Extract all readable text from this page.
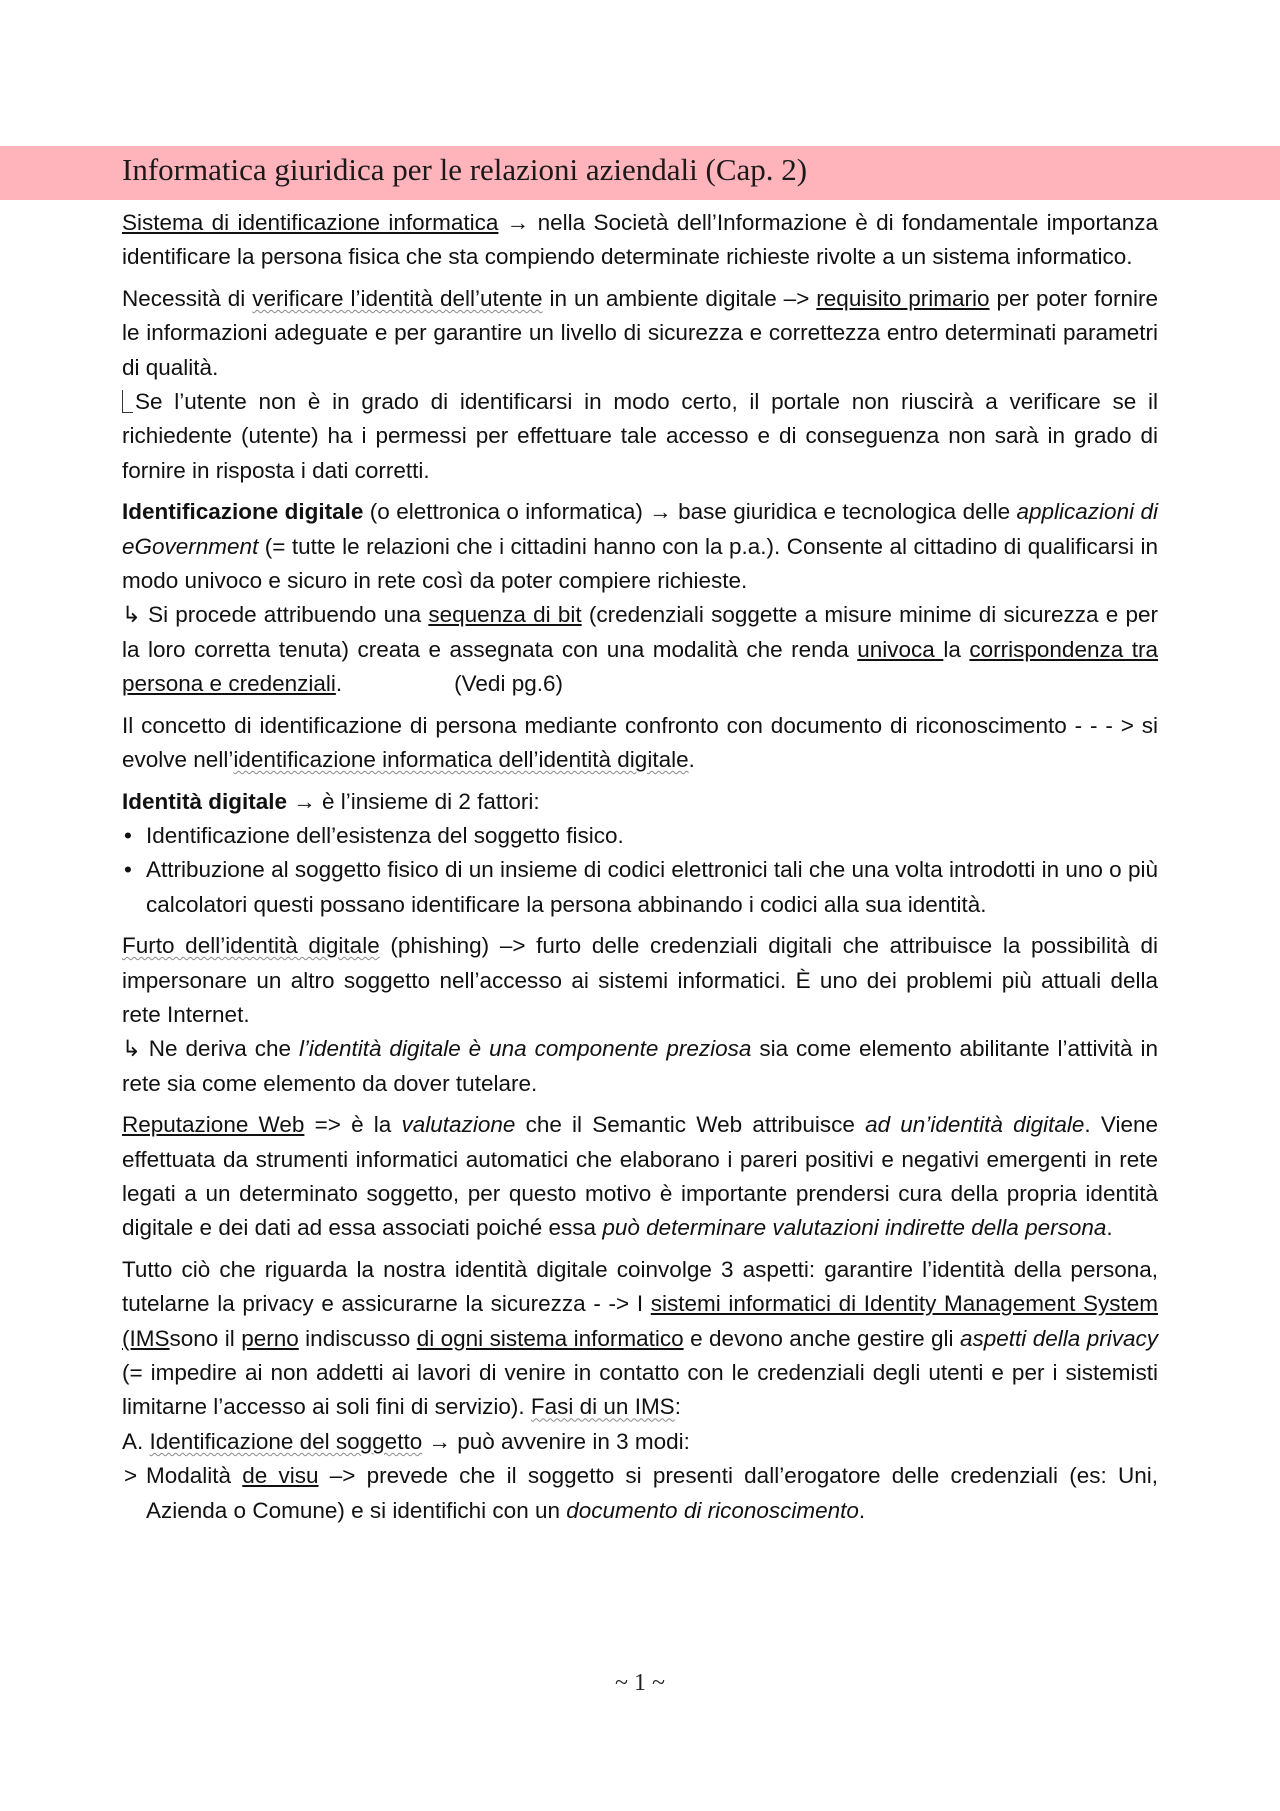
Informatica giuridica per le relazioni aziendali (Cap. 2)

Sistema di identificazione informatica → nella Società dell’Informazione è di fondamentale importanza identificare la persona fisica che sta compiendo determinate richieste rivolte a un sistema informatico.

Necessità di verificare l’identità dell’utente in un ambiente digitale –> requisito primario per poter fornire le informazioni adeguate e per garantire un livello di sicurezza e correttezza entro determinati parametri di qualità.

Se l’utente non è in grado di identificarsi in modo certo, il portale non riuscirà a verificare se il richiedente (utente) ha i permessi per effettuare tale accesso e di conseguenza non sarà in grado di fornire in risposta i dati corretti.

Identificazione digitale (o elettronica o informatica) → base giuridica e tecnologica delle applicazioni di eGovernment (= tutte le relazioni che i cittadini hanno con la p.a.). Consente al cittadino di qualificarsi in modo univoco e sicuro in rete così da poter compiere richieste.

↳ Si procede attribuendo una sequenza di bit (credenziali soggette a misure minime di sicurezza e per la loro corretta tenuta) creata e assegnata con una modalità che renda univoca la corrispondenza tra persona e credenziali.	(Vedi pg.6)

Il concetto di identificazione di persona mediante confronto con documento di riconoscimento - - - > si evolve nell’identificazione informatica dell’identità digitale.

Identità digitale → è l’insieme di 2 fattori:

• Identificazione dell’esistenza del soggetto fisico.
• Attribuzione al soggetto fisico di un insieme di codici elettronici tali che una volta introdotti in uno o più calcolatori questi possano identificare la persona abbinando i codici alla sua identità.

Furto dell’identità digitale (phishing) –> furto delle credenziali digitali che attribuisce la possibilità di impersonare un altro soggetto nell’accesso ai sistemi informatici. È uno dei problemi più attuali della rete Internet.

↳ Ne deriva che l’identità digitale è una componente preziosa sia come elemento abilitante l’attività in rete sia come elemento da dover tutelare.

Reputazione Web => è la valutazione che il Semantic Web attribuisce ad un’identità digitale. Viene effettuata da strumenti informatici automatici che elaborano i pareri positivi e negativi emergenti in rete legati a un determinato soggetto, per questo motivo è importante prendersi cura della propria identità digitale e dei dati ad essa associati poiché essa può determinare valutazioni indirette della persona.

Tutto ciò che riguarda la nostra identità digitale coinvolge 3 aspetti: garantire l’identità della persona, tutelarne la privacy e assicurarne la sicurezza - -> I sistemi informatici di Identity Management System (IMSsono il perno indiscusso di ogni sistema informatico e devono anche gestire gli aspetti della privacy (= impedire ai non addetti ai lavori di venire in contatto con le credenziali degli utenti e per i sistemisti limitarne l’accesso ai soli fini di servizio). Fasi di un IMS:

A. Identificazione del soggetto → può avvenire in 3 modi:

> Modalità de visu –> prevede che il soggetto si presenti dall’erogatore delle credenziali (es: Uni, Azienda o Comune) e si identifichi con un documento di riconoscimento.
~ 1 ~
